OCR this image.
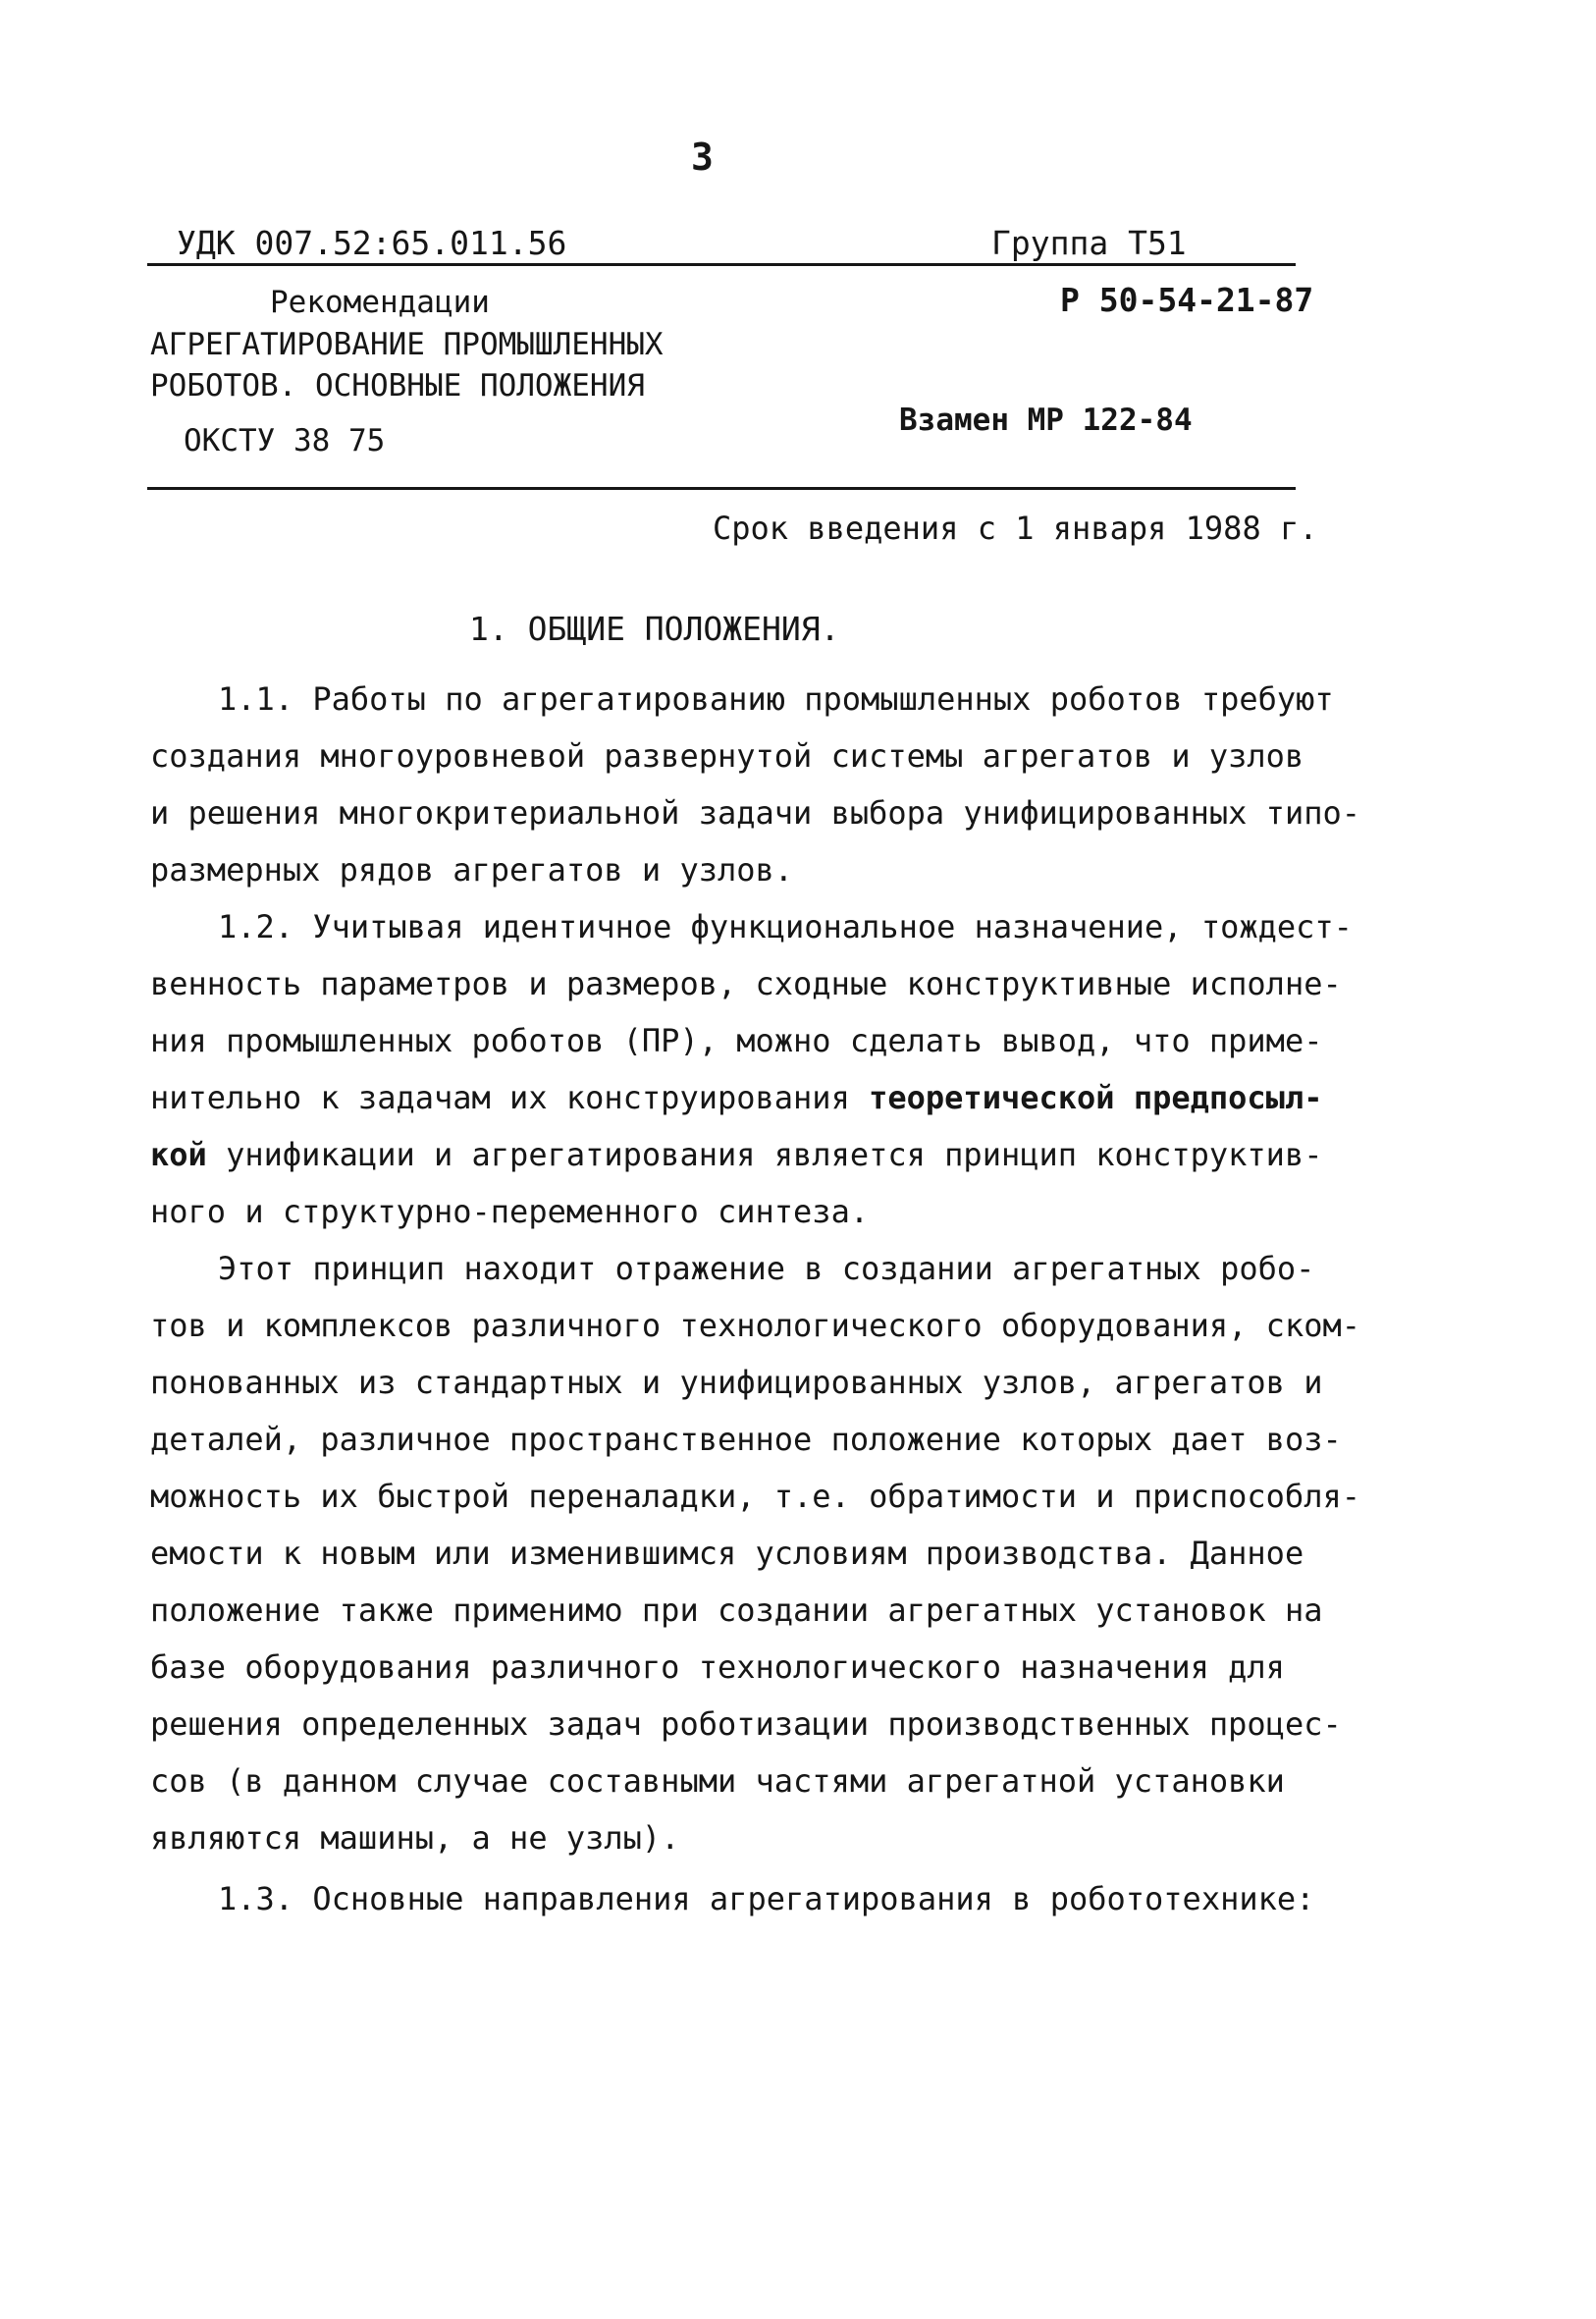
3
УДК 007.52:65.011.56	Группа Т51
Рекомендации
АГРЕГАТИРОВАНИЕ ПРОМЫШЛЕННЫХ
РОБОТОВ. ОСНОВНЫЕ ПОЛОЖЕНИЯ
Р 50-54-21-87
Взамен МР 122-84
ОКСТУ 38 75
Срок введения с 1 января 1988 г.
1. ОБЩИЕ ПОЛОЖЕНИЯ.
1.1. Работы по агрегатированию промышленных роботов требуют
создания многоуровневой развернутой системы агрегатов и узлов
и решения многокритериальной задачи выбора унифицированных типо-
размерных рядов агрегатов и узлов.
1.2. Учитывая идентичное функциональное назначение, тождест-
венность параметров и размеров, сходные конструктивные исполне-
ния промышленных роботов (ПР), можно сделать вывод, что приме-
нительно к задачам их конструирования теоретической предпосыл-
кой унификации и агрегатирования является принцип конструктив-
ного и структурно-переменного синтеза.
Этот принцип находит отражение в создании агрегатных робо-
тов и комплексов различного технологического оборудования, ском-
понованных из стандартных и унифицированных узлов, агрегатов и
деталей, различное пространственное положение которых дает воз-
можность их быстрой переналадки, т.е. обратимости и приспособля-
емости к новым или изменившимся условиям производства. Данное
положение также применимо при создании агрегатных установок на
базе оборудования различного технологического назначения для
решения определенных задач роботизации производственных процес-
сов (в данном случае составными частями агрегатной установки
являются машины, а не узлы).
1.3. Основные направления агрегатирования в робототехнике:
